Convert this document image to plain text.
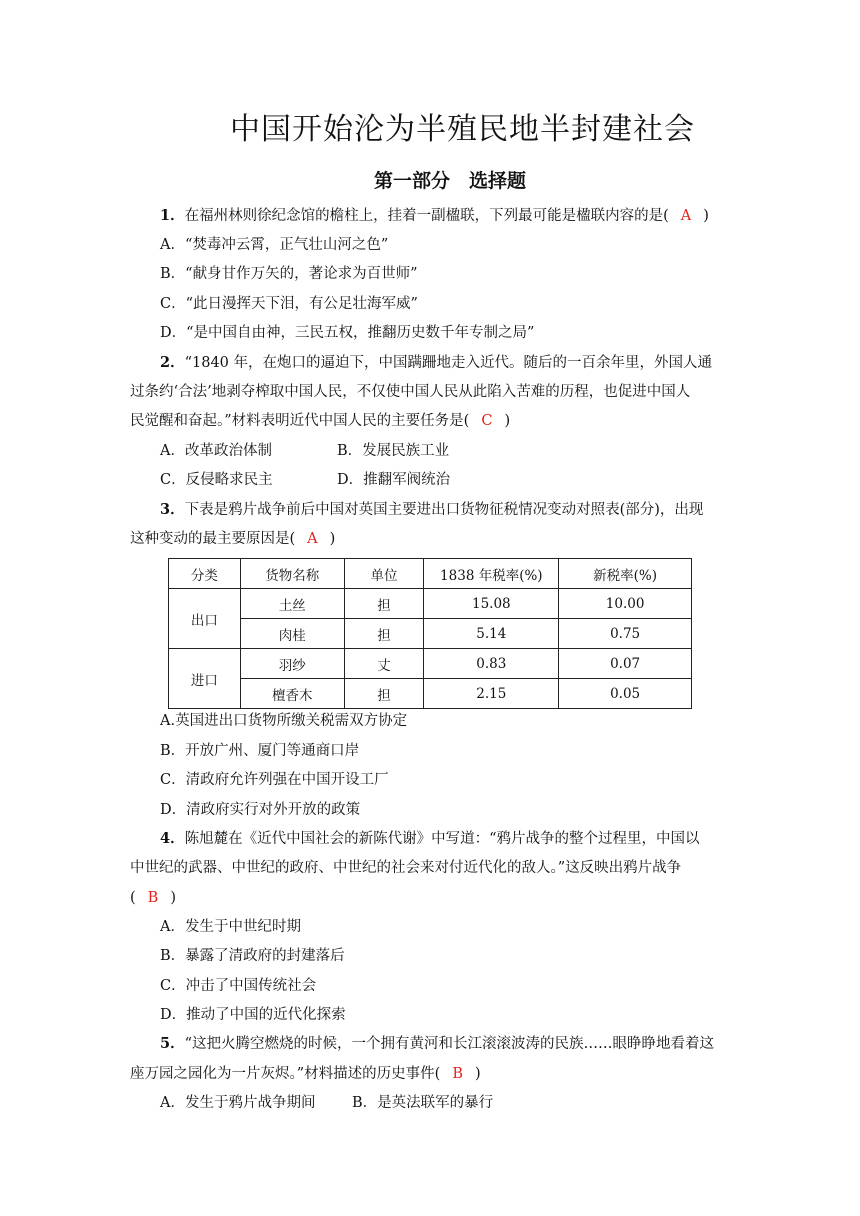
中国开始沦为半殖民地半封建社会
第一部分　选择题
1．在福州林则徐纪念馆的檐柱上，挂着一副楹联，下列最可能是楹联内容的是( A )
A．“焚毒冲云霄，正气壮山河之色”
B．“献身甘作万矢的，著论求为百世师”
C．“此日漫挥天下泪，有公足壮海军威”
D．“是中国自由神，三民五权，推翻历史数千年专制之局”
2．“1840 年，在炮口的逼迫下，中国蹒跚地走入近代。随后的一百余年里，外国人通
过条约‘合法’地剥夺榨取中国人民，不仅使中国人民从此陷入苦难的历程，也促进中国人
民觉醒和奋起。”材料表明近代中国人民的主要任务是( C )
A．改革政治体制	B．发展民族工业
C．反侵略求民主	D．推翻军阀统治
3．下表是鸦片战争前后中国对英国主要进出口货物征税情况变动对照表(部分)，出现
这种变动的最主要原因是( A )
分类	货物名称	单位	1838 年税率(%)	新税率(%)
出口	土丝	担	15.08	10.00
	肉桂	担	5.14	0.75
进口	羽纱	丈	0.83	0.07
	檀香木	担	2.15	0.05
A.英国进出口货物所缴关税需双方协定
B．开放广州、厦门等通商口岸
C．清政府允许列强在中国开设工厂
D．清政府实行对外开放的政策
4．陈旭麓在《近代中国社会的新陈代谢》中写道：“鸦片战争的整个过程里，中国以
中世纪的武器、中世纪的政府、中世纪的社会来对付近代化的敌人。”这反映出鸦片战争
( B )
A．发生于中世纪时期
B．暴露了清政府的封建落后
C．冲击了中国传统社会
D．推动了中国的近代化探索
5．“这把火腾空燃烧的时候，一个拥有黄河和长江滚滚波涛的民族……眼睁睁地看着这
座万园之园化为一片灰烬。”材料描述的历史事件( B )
A．发生于鸦片战争期间	B．是英法联军的暴行
